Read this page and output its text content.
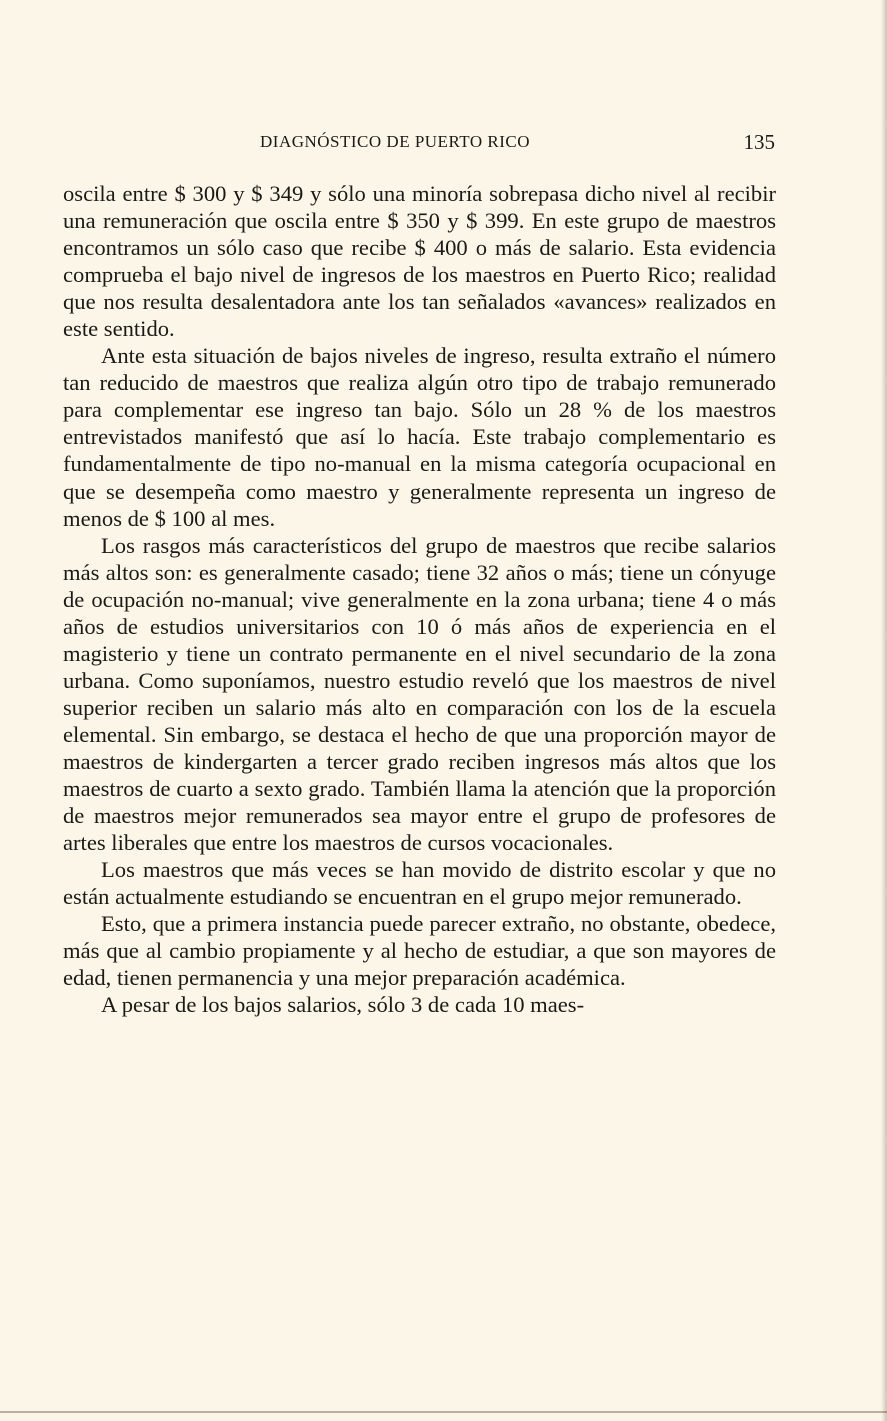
DIAGNÓSTICO DE PUERTO RICO	135

oscila entre $ 300 y $ 349 y sólo una minoría sobrepasa dicho nivel al recibir una remuneración que oscila entre $ 350 y $ 399. En este grupo de maestros encontramos un sólo caso que recibe $ 400 o más de salario. Esta evidencia comprueba el bajo nivel de ingresos de los maestros en Puerto Rico; realidad que nos resulta desalentadora ante los tan señalados «avances» realizados en este sentido.

Ante esta situación de bajos niveles de ingreso, resulta extraño el número tan reducido de maestros que realiza algún otro tipo de trabajo remunerado para complementar ese ingreso tan bajo. Sólo un 28 % de los maestros entrevistados manifestó que así lo hacía. Este trabajo complementario es fundamentalmente de tipo no-manual en la misma categoría ocupacional en que se desempeña como maestro y generalmente representa un ingreso de menos de $ 100 al mes.

Los rasgos más característicos del grupo de maestros que recibe salarios más altos son: es generalmente casado; tiene 32 años o más; tiene un cónyuge de ocupación no-manual; vive generalmente en la zona urbana; tiene 4 o más años de estudios universitarios con 10 ó más años de experiencia en el magisterio y tiene un contrato permanente en el nivel secundario de la zona urbana. Como suponíamos, nuestro estudio reveló que los maestros de nivel superior reciben un salario más alto en comparación con los de la escuela elemental. Sin embargo, se destaca el hecho de que una proporción mayor de maestros de kindergarten a tercer grado reciben ingresos más altos que los maestros de cuarto a sexto grado. También llama la atención que la proporción de maestros mejor remunerados sea mayor entre el grupo de profesores de artes liberales que entre los maestros de cursos vocacionales.

Los maestros que más veces se han movido de distrito escolar y que no están actualmente estudiando se encuentran en el grupo mejor remunerado.

Esto, que a primera instancia puede parecer extraño, no obstante, obedece, más que al cambio propiamente y al hecho de estudiar, a que son mayores de edad, tienen permanencia y una mejor preparación académica.

A pesar de los bajos salarios, sólo 3 de cada 10 maes-
